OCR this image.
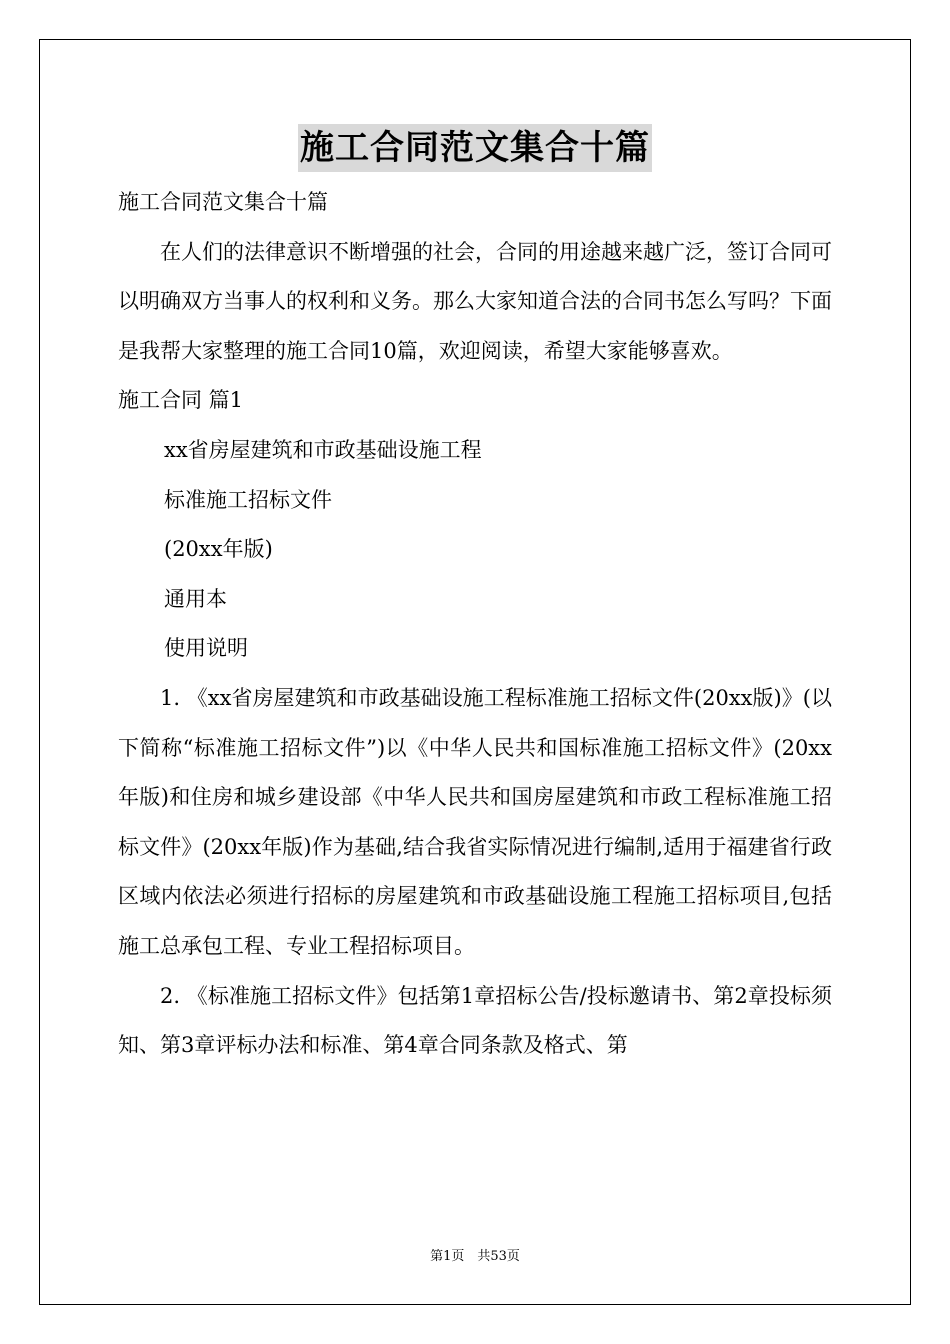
施工合同范文集合十篇

施工合同范文集合十篇

在人们的法律意识不断增强的社会，合同的用途越来越广泛，签订合同可以明确双方当事人的权利和义务。那么大家知道合法的合同书怎么写吗？下面是我帮大家整理的施工合同10篇，欢迎阅读，希望大家能够喜欢。

施工合同 篇1

xx省房屋建筑和市政基础设施工程

标准施工招标文件

(20xx年版)

通用本

使用说明

1. 《xx省房屋建筑和市政基础设施工程标准施工招标文件(20xx版)》(以下简称“标准施工招标文件”)以《中华人民共和国标准施工招标文件》(20xx年版)和住房和城乡建设部《中华人民共和国房屋建筑和市政工程标准施工招标文件》(20xx年版)作为基础,结合我省实际情况进行编制,适用于福建省行政区域内依法必须进行招标的房屋建筑和市政基础设施工程施工招标项目,包括施工总承包工程、专业工程招标项目。

2. 《标准施工招标文件》包括第1章招标公告/投标邀请书、第2章投标须知、第3章评标办法和标准、第4章合同条款及格式、第

第1页　共53页
